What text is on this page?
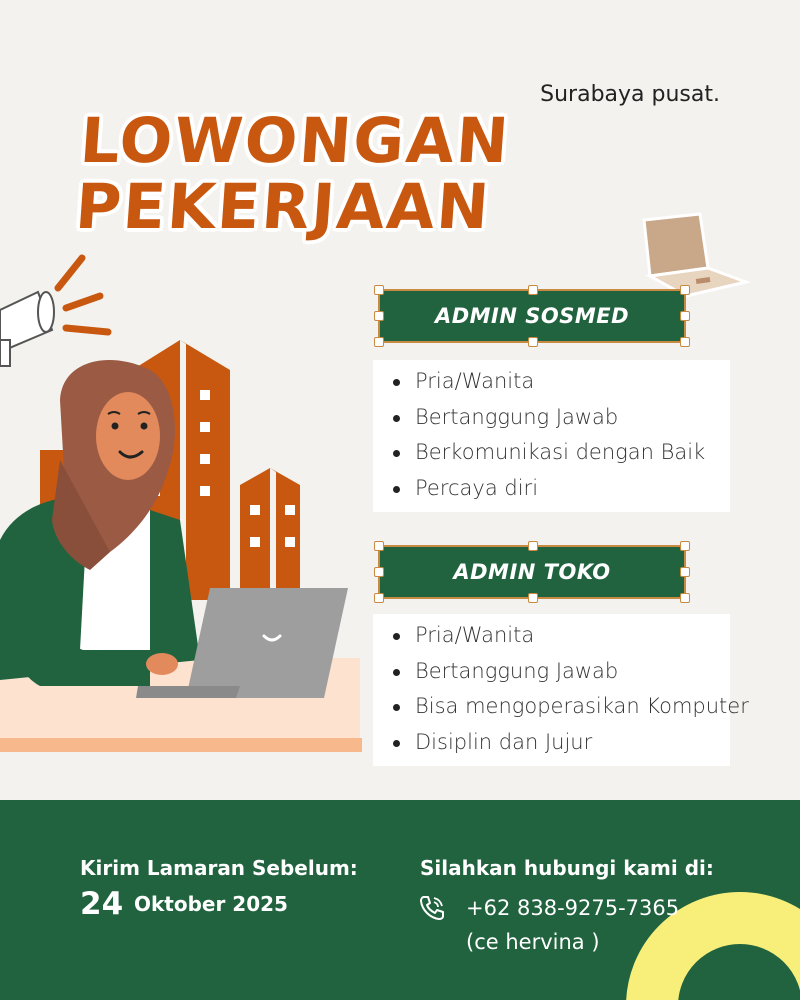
Surabaya pusat.
LOWONGAN
PEKERJAAN
ADMIN SOSMED
Pria/Wanita
Bertanggung Jawab
Berkomunikasi dengan Baik
Percaya diri
ADMIN TOKO
Pria/Wanita
Bertanggung Jawab
Bisa mengoperasikan Komputer
Disiplin dan Jujur
Kirim Lamaran Sebelum:
24 Oktober 2025
Silahkan hubungi kami di:
+62 838-9275-7365
(ce hervina )
